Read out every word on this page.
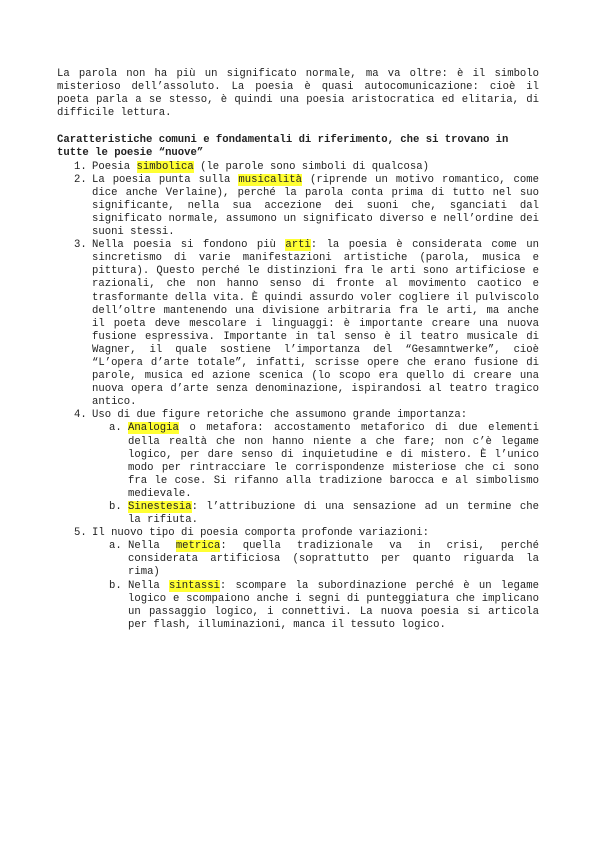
La parola non ha più un significato normale, ma va oltre: è il simbolo misterioso dell’assoluto. La poesia è quasi autocomunicazione: cioè il poeta parla a se stesso, è quindi una poesia aristocratica ed elitaria, di difficile lettura.

Caratteristiche comuni e fondamentali di riferimento, che si trovano in tutte le poesie “nuove”

1. Poesia simbolica (le parole sono simboli di qualcosa)
2. La poesia punta sulla musicalità (riprende un motivo romantico, come dice anche Verlaine), perché la parola conta prima di tutto nel suo significante, nella sua accezione dei suoni che, sganciati dal significato normale, assumono un significato diverso e nell’ordine dei suoni stessi.
3. Nella poesia si fondono più arti: la poesia è considerata come un sincretismo di varie manifestazioni artistiche (parola, musica e pittura). Questo perché le distinzioni fra le arti sono artificiose e razionali, che non hanno senso di fronte al movimento caotico e trasformante della vita. È quindi assurdo voler cogliere il pulviscolo dell’oltre mantenendo una divisione arbitraria fra le arti, ma anche il poeta deve mescolare i linguaggi: è importante creare una nuova fusione espressiva. Importante in tal senso è il teatro musicale di Wagner, il quale sostiene l’importanza del “Gesamntwerke”, cioè “L’opera d’arte totale”, infatti, scrisse opere che erano fusione di parole, musica ed azione scenica (lo scopo era quello di creare una nuova opera d’arte senza denominazione, ispirandosi al teatro tragico antico.
4. Uso di due figure retoriche che assumono grande importanza:
a. Analogia o metafora: accostamento metaforico di due elementi della realtà che non hanno niente a che fare; non c’è legame logico, per dare senso di inquietudine e di mistero. È l’unico modo per rintracciare le corrispondenze misteriose che ci sono fra le cose. Si rifanno alla tradizione barocca e al simbolismo medievale.
b. Sinestesia: l’attribuzione di una sensazione ad un termine che la rifiuta.
5. Il nuovo tipo di poesia comporta profonde variazioni:
a. Nella metrica: quella tradizionale va in crisi, perché considerata artificiosa (soprattutto per quanto riguarda la rima)
b. Nella sintassi: scompare la subordinazione perché è un legame logico e scompaiono anche i segni di punteggiatura che implicano un passaggio logico, i connettivi. La nuova poesia si articola per flash, illuminazioni, manca il tessuto logico.
